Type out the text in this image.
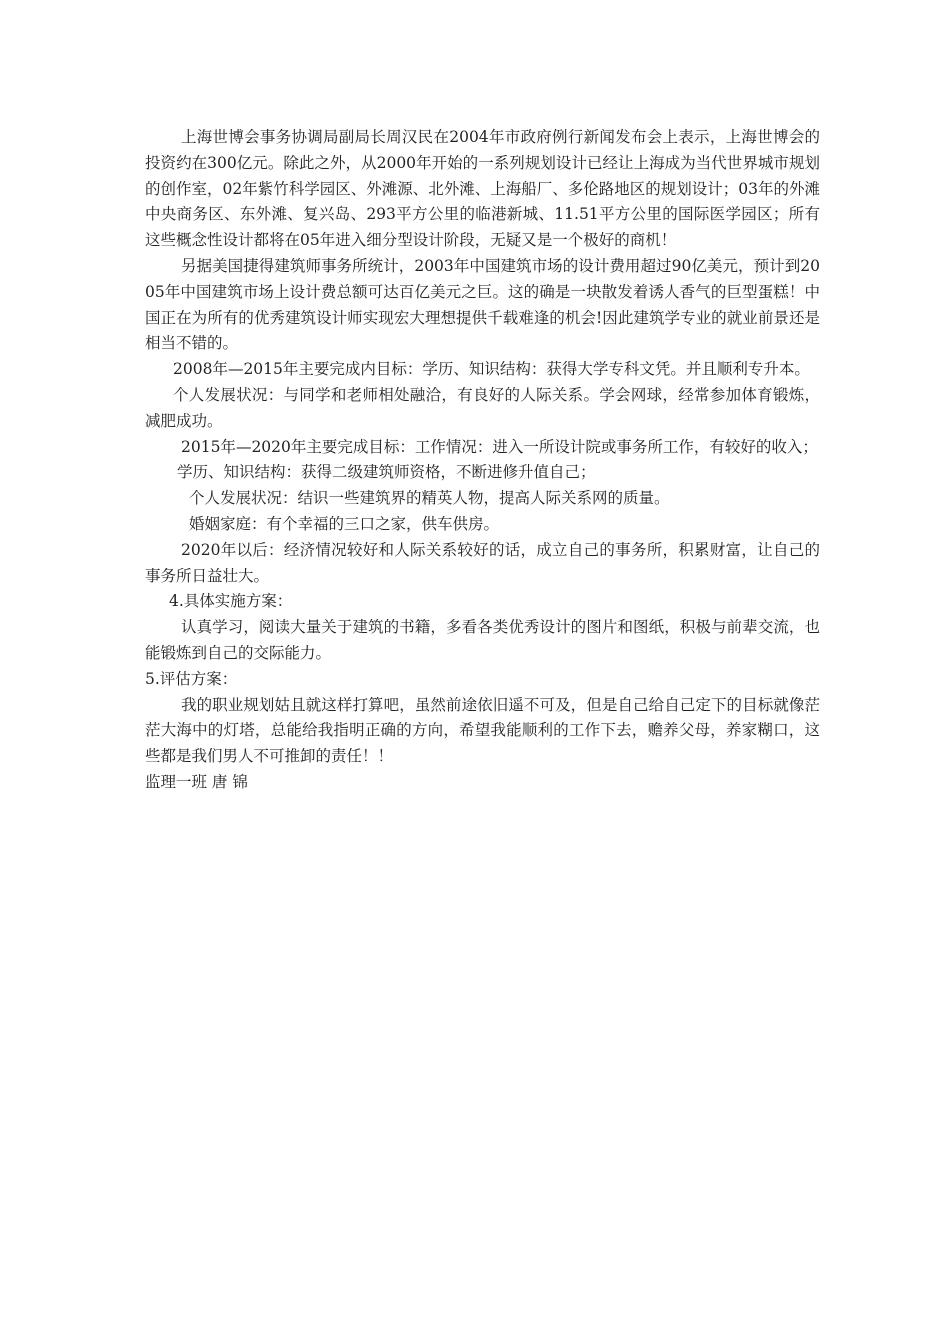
上海世博会事务协调局副局长周汉民在2004年市政府例行新闻发布会上表示，上海世博会的投资约在300亿元。除此之外，从2000年开始的一系列规划设计已经让上海成为当代世界城市规划的创作室，02年紫竹科学园区、外滩源、北外滩、上海船厂、多伦路地区的规划设计；03年的外滩中央商务区、东外滩、复兴岛、293平方公里的临港新城、11.51平方公里的国际医学园区；所有这些概念性设计都将在05年进入细分型设计阶段，无疑又是一个极好的商机！

另据美国捷得建筑师事务所统计，2003年中国建筑市场的设计费用超过90亿美元，预计到2005年中国建筑市场上设计费总额可达百亿美元之巨。这的确是一块散发着诱人香气的巨型蛋糕！中国正在为所有的优秀建筑设计师实现宏大理想提供千载难逢的机会!因此建筑学专业的就业前景还是相当不错的。

2008年—2015年主要完成内目标：学历、知识结构：获得大学专科文凭。并且顺利专升本。

个人发展状况：与同学和老师相处融洽，有良好的人际关系。学会网球，经常参加体育锻炼，减肥成功。

2015年—2020年主要完成目标：工作情况：进入一所设计院或事务所工作，有较好的收入；

学历、知识结构：获得二级建筑师资格，不断进修升值自己；

个人发展状况：结识一些建筑界的精英人物，提高人际关系网的质量。

婚姻家庭：有个幸福的三口之家，供车供房。

2020年以后：经济情况较好和人际关系较好的话，成立自己的事务所，积累财富，让自己的事务所日益壮大。

4.具体实施方案：

认真学习，阅读大量关于建筑的书籍，多看各类优秀设计的图片和图纸，积极与前辈交流，也能锻炼到自己的交际能力。

5.评估方案：

我的职业规划姑且就这样打算吧，虽然前途依旧遥不可及，但是自己给自己定下的目标就像茫茫大海中的灯塔，总能给我指明正确的方向，希望我能顺利的工作下去，赡养父母，养家糊口，这些都是我们男人不可推卸的责任！！

监理一班 唐 锦
